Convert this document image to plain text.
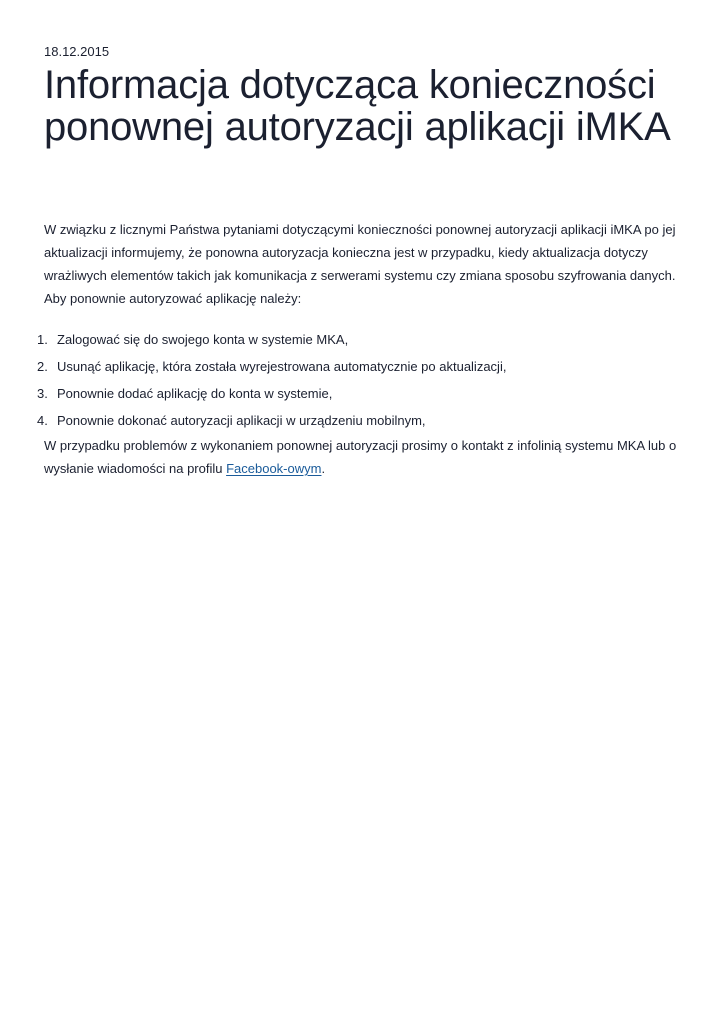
18.12.2015
Informacja dotycząca konieczności ponownej autoryzacji aplikacji iMKA

W związku z licznymi Państwa pytaniami dotyczącymi konieczności ponownej autoryzacji aplikacji iMKA po jej aktualizacji informujemy, że ponowna autoryzacja konieczna jest w przypadku, kiedy aktualizacja dotyczy wrażliwych elementów takich jak komunikacja z serwerami systemu czy zmiana sposobu szyfrowania danych. Aby ponownie autoryzować aplikację należy:

1. Zalogować się do swojego konta w systemie MKA,
2. Usunąć aplikację, która została wyrejestrowana automatycznie po aktualizacji,
3. Ponownie dodać aplikację do konta w systemie,
4. Ponownie dokonać autoryzacji aplikacji w urządzeniu mobilnym,

W przypadku problemów z wykonaniem ponownej autoryzacji prosimy o kontakt z infolinią systemu MKA lub o wysłanie wiadomości na profilu Facebook-owym.
